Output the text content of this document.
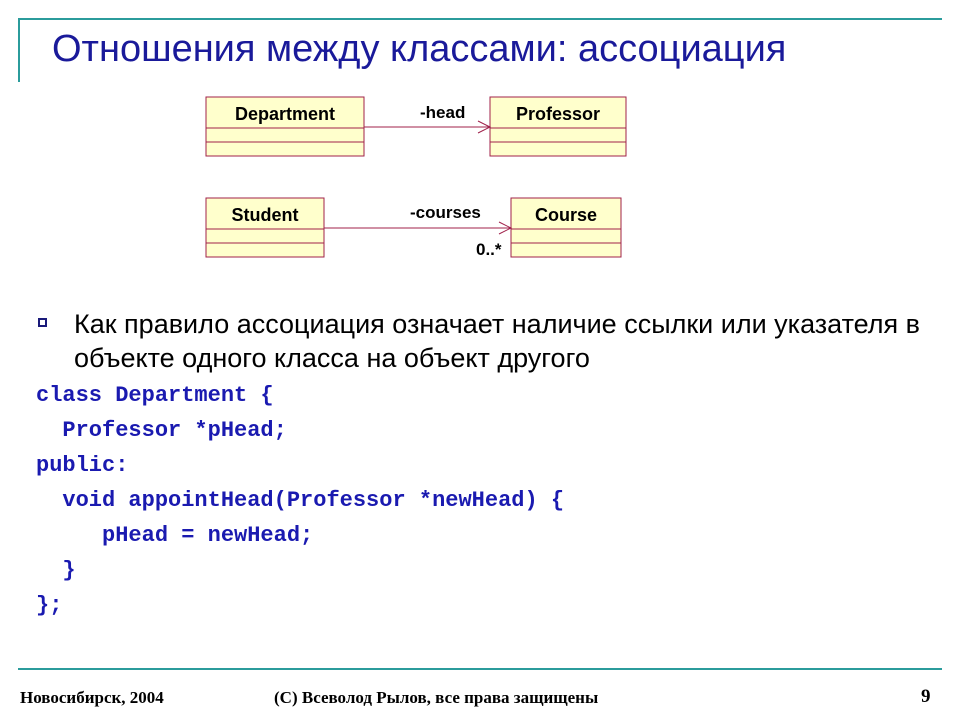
Отношения между классами: ассоциация
Department	Professor
Student	Course
-head
-courses
0..*
Как правило ассоциация означает наличие ссылки или указателя в объекте одного класса на объект другого
class Department {
Professor *pHead;
public:
void appointHead(Professor *newHead) {
pHead = newHead;
}
};
Новосибирск, 2004	(C) Всеволод Рылов, все права защищены	9
